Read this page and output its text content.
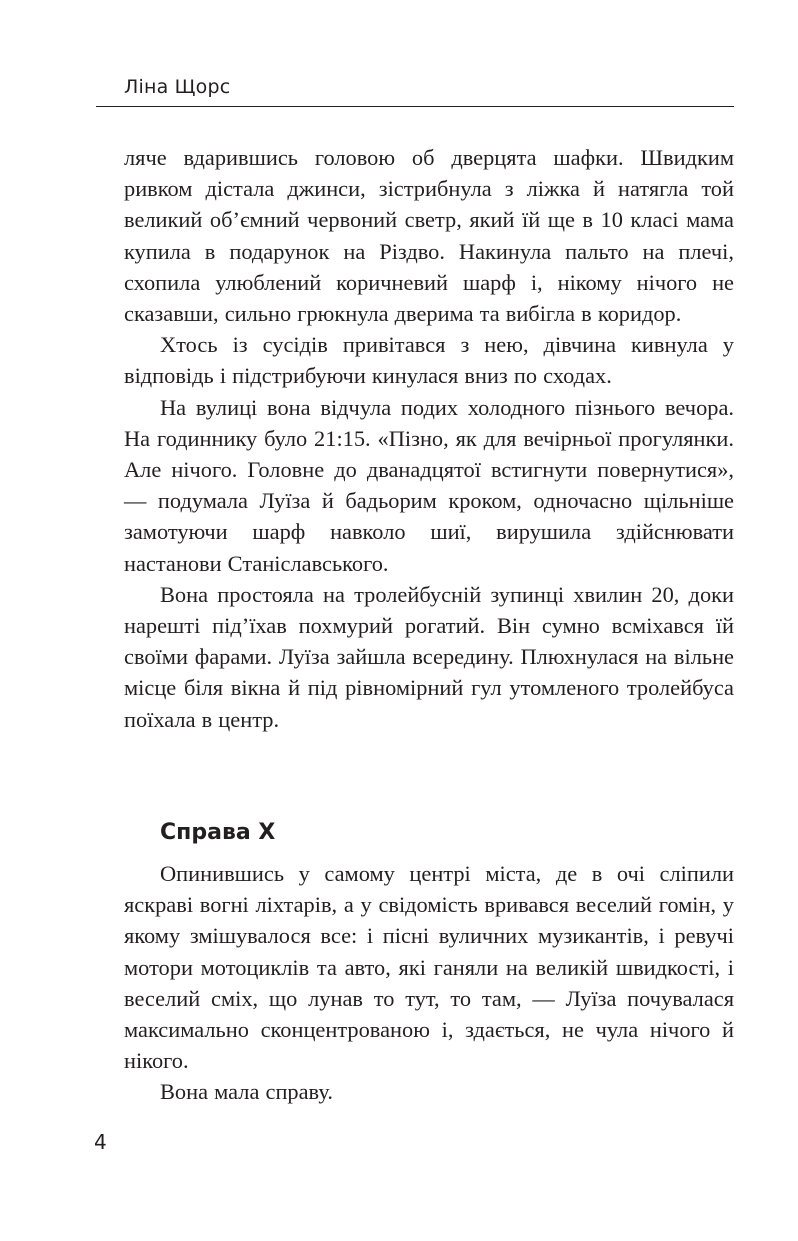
Ліна Щорс

ляче вдарившись головою об дверцята шафки. Швидким ривком дістала джинси, зістрибнула з ліжка й натягла той великий об’ємний червоний светр, який їй ще в 10 класі мама купила в подарунок на Різдво. Накинула пальто на плечі, схопила улюблений коричневий шарф і, нікому нічого не сказавши, сильно грюкнула дверима та вибігла в коридор.

Хтось із сусідів привітався з нею, дівчина кивнула у відповідь і підстрибуючи кинулася вниз по сходах.

На вулиці вона відчула подих холодного пізнього вечора. На годиннику було 21:15. «Пізно, як для вечірньої прогулянки. Але нічого. Головне до дванадцятої встигнути повернутися», — подумала Луїза й бадьорим кроком, одночасно щільніше замотуючи шарф навколо шиї, вирушила здійснювати настанови Станіславського.

Вона простояла на тролейбусній зупинці хвилин 20, доки нарешті під’їхав похмурий рогатий. Він сумно всміхався їй своїми фарами. Луїза зайшла всередину. Плюхнулася на вільне місце біля вікна й під рівномірний гул утомленого тролейбуса поїхала в центр.

Справа Х

Опинившись у самому центрі міста, де в очі сліпили яскраві вогні ліхтарів, а у свідомість вривався веселий гомін, у якому змішувалося все: і пісні вуличних музикантів, і ревучі мотори мотоциклів та авто, які ганяли на великій швидкості, і веселий сміх, що лунав то тут, то там, — Луїза почувалася максимально сконцентрованою і, здається, не чула нічого й нікого.

Вона мала справу.

4
